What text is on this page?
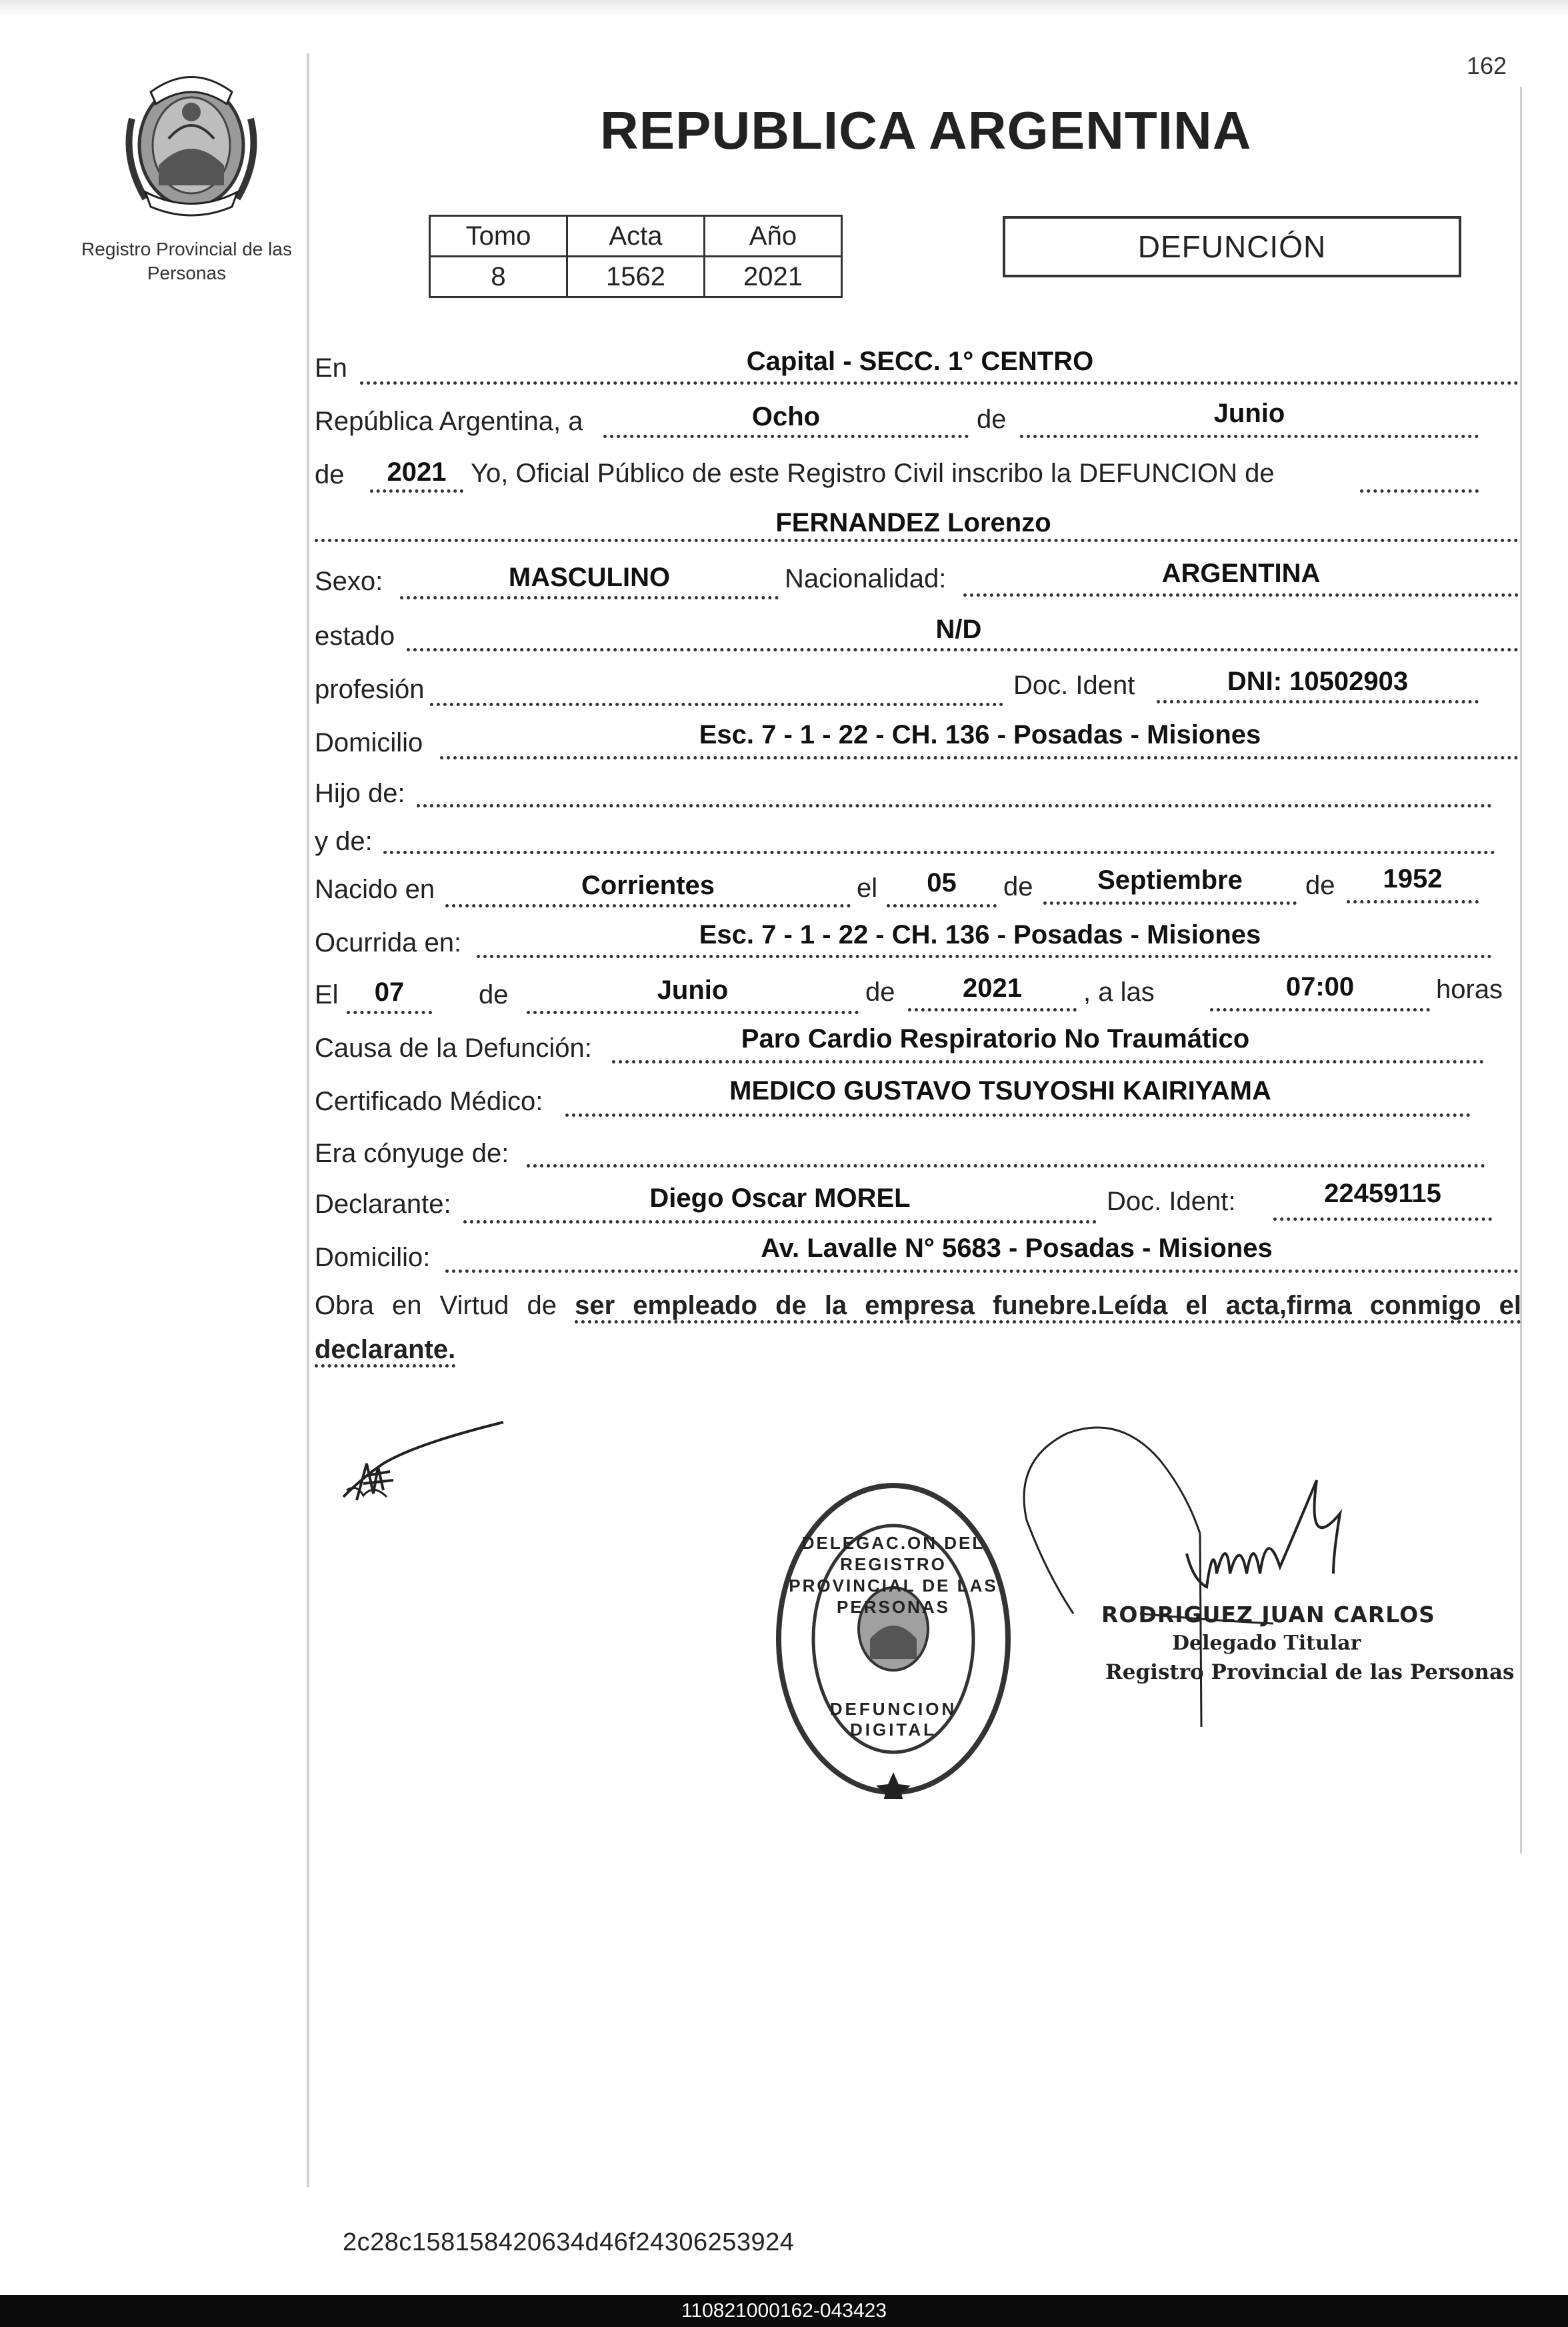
162
Registro Provincial de las Personas
REPUBLICA ARGENTINA
Tomo	Acta	Año
8	1562	2021
DEFUNCIÓN
En	Capital - SECC. 1° CENTRO
República Argentina, a	Ocho	de	Junio
de	2021 Yo, Oficial Público de este Registro Civil inscribo la DEFUNCION de
FERNANDEZ Lorenzo
Sexo:	MASCULINO	Nacionalidad:	ARGENTINA
estado	N/D
profesión	Doc. Ident	DNI: 10502903
Domicilio	Esc. 7 - 1 - 22 - CH. 136 - Posadas - Misiones
Hijo de:
y de:
Nacido en	Corrientes	el	05	de	Septiembre	de	1952
Ocurrida en:	Esc. 7 - 1 - 22 - CH. 136 - Posadas - Misiones
El	07	de	Junio	de	2021	, a las	07:00	horas
Causa de la Defunción:	Paro Cardio Respiratorio No Traumático
Certificado Médico:	MEDICO GUSTAVO TSUYOSHI KAIRIYAMA
Era cónyuge de:
Declarante:	Diego Oscar MOREL	Doc. Ident:	22459115
Domicilio:	Av. Lavalle N° 5683 - Posadas - Misiones
Obra en Virtud de ser empleado de la empresa funebre.Leída el acta,firma conmigo el declarante.
DELEGAC.ON DEL REGISTRO PROVINCIAL DE LAS PERSONAS
DEFUNCION DIGITAL
RODRIGUEZ JUAN CARLOS
Delegado Titular
Registro Provincial de las Personas
2c28c158158420634d46f24306253924
110821000162-043423
